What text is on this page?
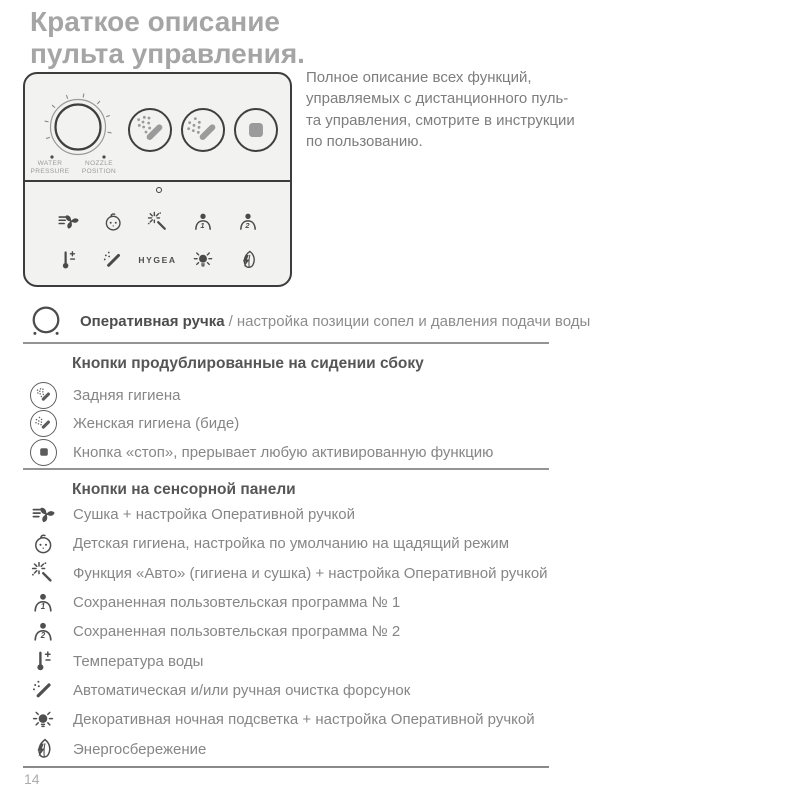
Краткое описание
пульта управления.
WATER
PRESSURE
NOZZLE
POSITION
1	2
HYGEA
Полное описание всех функций,
управляемых с дистанционного пуль-
та управления, смотрите в инструкции
по пользованию.

Оперативная ручка / настройка позиции сопел и давления подачи воды

Кнопки продублированные на сидении сбоку
Задняя гигиена
Женская гигиена (биде)
Кнопка «стоп», прерывает любую активированную функцию
Кнопки на сенсорной панели
Сушка + настройка Оперативной ручкой
Детская гигиена, настройка по умолчанию на щадящий режим
Функция «Авто» (гигиена и сушка) + настройка Оперативной ручкой
1	Сохраненная пользовтельская программа № 1
2	Сохраненная пользовтельская программа № 2
Температура воды
Автоматическая и/или ручная очистка форсунок
Декоративная ночная подсветка + настройка Оперативной ручкой
Энергосбережение
14
